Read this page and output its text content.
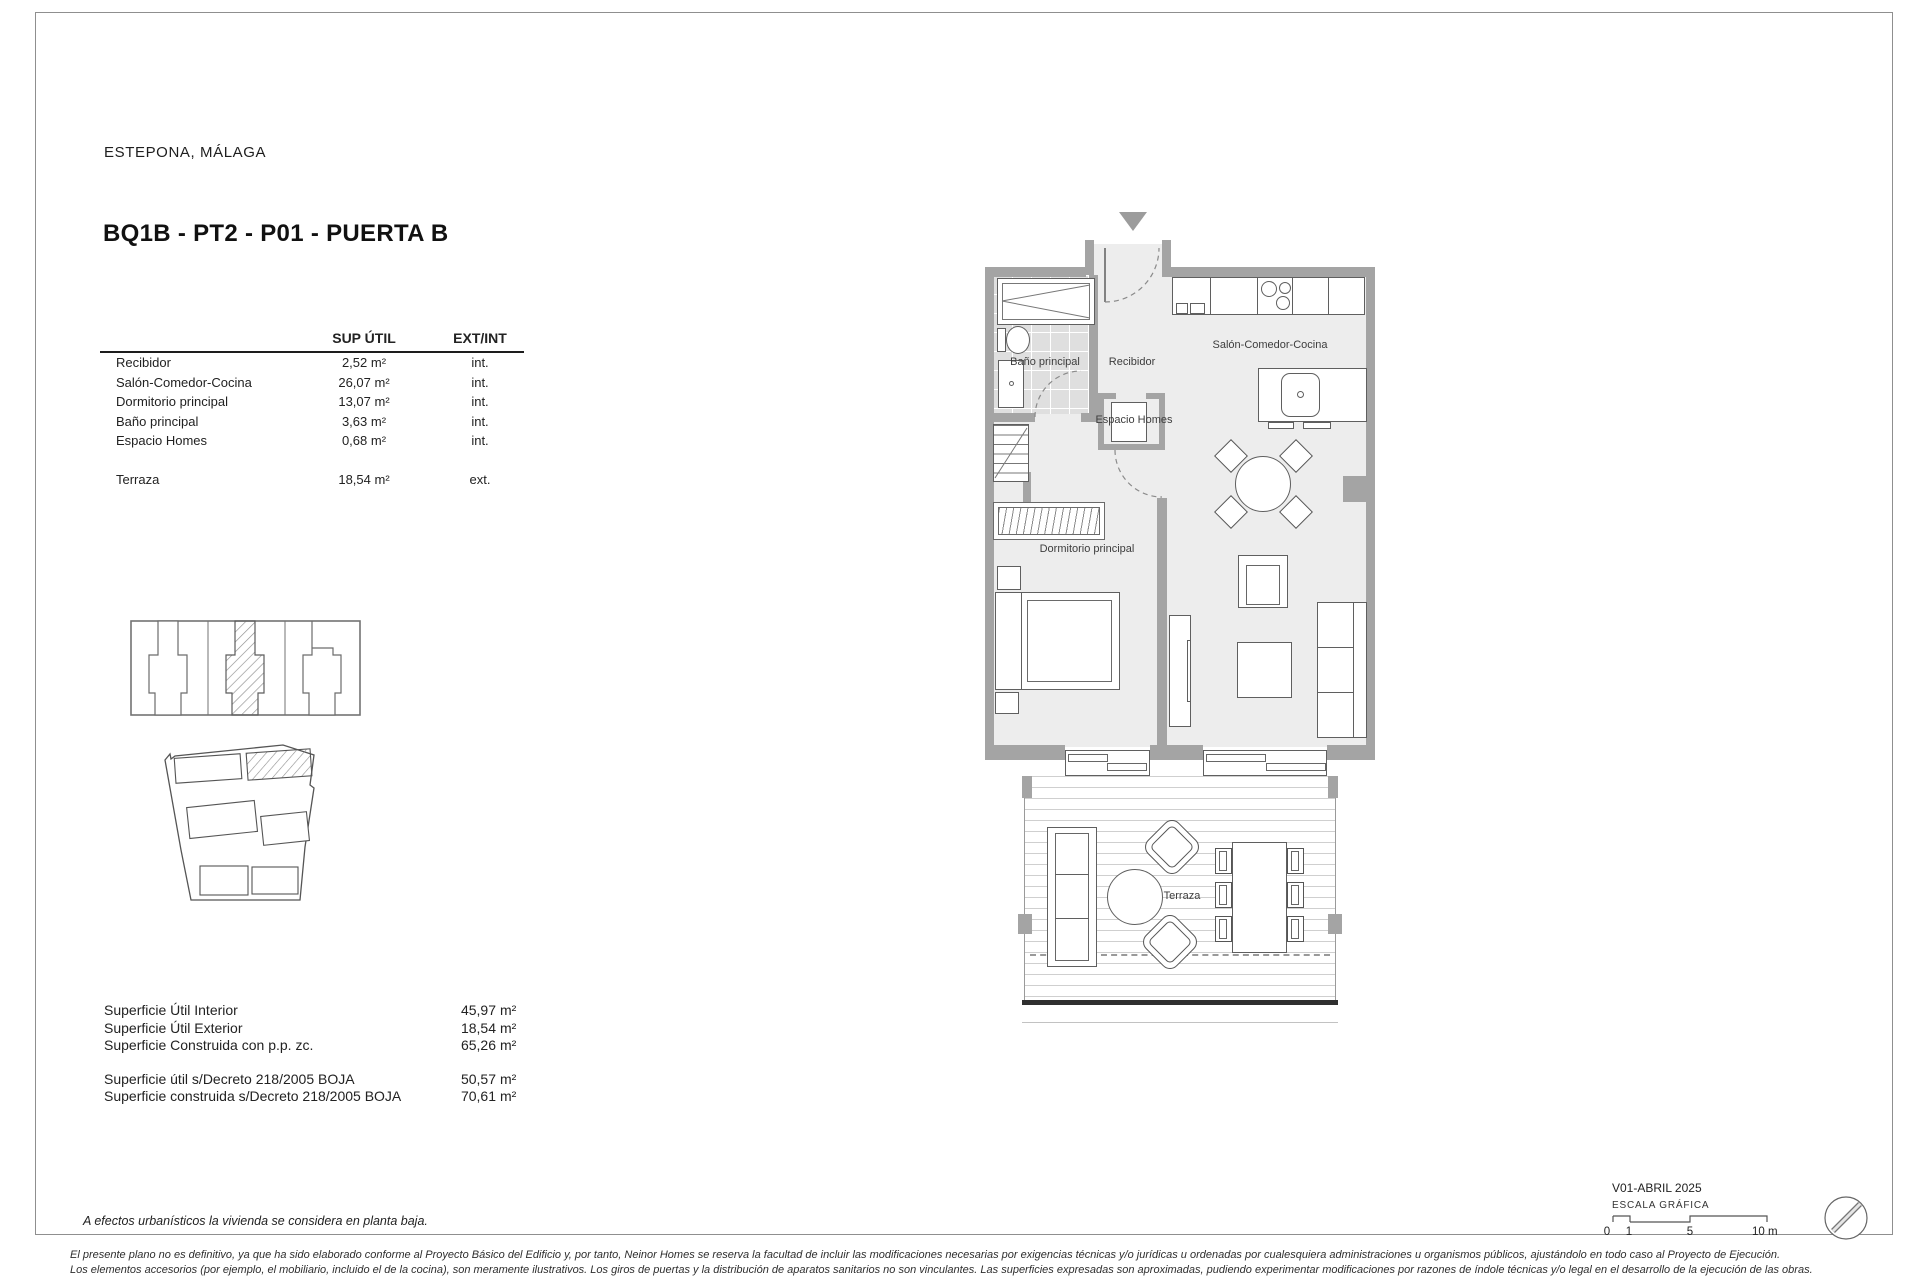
ESTEPONA, MÁLAGA
BQ1B - PT2 - P01 - PUERTA B
SUP ÚTIL	EXT/INT
Recibidor	2,52 m²	int.
Salón-Comedor-Cocina	26,07 m²	int.
Dormitorio principal	13,07 m²	int.
Baño principal	3,63 m²	int.
Espacio Homes	0,68 m²	int.
Terraza	18,54 m²	ext.
Superficie Útil Interior	45,97 m²
Superficie Útil Exterior	18,54 m²
Superficie Construida con p.p. zc.	65,26 m²
Superficie útil s/Decreto 218/2005 BOJA	50,57 m²
Superficie construida s/Decreto 218/2005 BOJA	70,61 m²
A efectos urbanísticos la vivienda se considera en planta baja.
El presente plano no es definitivo, ya que ha sido elaborado conforme al Proyecto Básico del Edificio y, por tanto, Neinor Homes se reserva la facultad de incluir las modificaciones necesarias por exigencias técnicas y/o jurídicas u ordenadas por cualesquiera administraciones u organismos públicos, ajustándolo en todo caso al Proyecto de Ejecución.
Los elementos accesorios (por ejemplo, el mobiliario, incluido el de la cocina), son meramente ilustrativos. Los giros de puertas y la distribución de aparatos sanitarios no son vinculantes. Las superficies expresadas son aproximadas, pudiendo experimentar modificaciones por razones de índole técnicas y/o legal en el desarrollo de la ejecución de las obras.
V01-ABRIL 2025
ESCALA GRÁFICA
0	1	5	10 m
Baño principal	Recibidor
Salón-Comedor-Cocina
Espacio Homes
Dormitorio principal
Terraza
